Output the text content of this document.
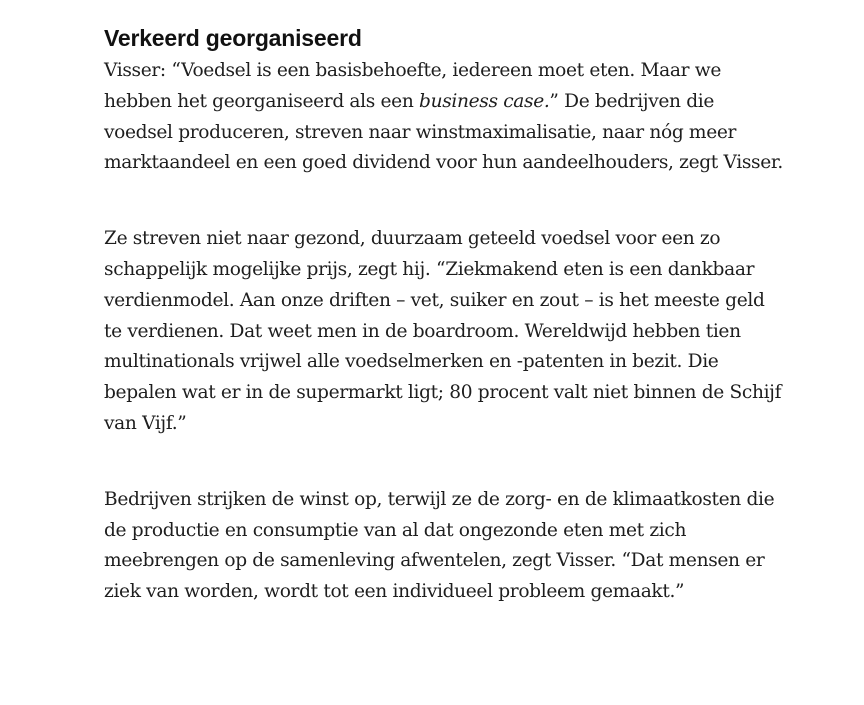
Verkeerd georganiseerd

Visser: “Voedsel is een basisbehoefte, iedereen moet eten. Maar we hebben het georganiseerd als een business case.” De bedrijven die voedsel produceren, streven naar winstmaximalisatie, naar nóg meer marktaandeel en een goed dividend voor hun aandeelhouders, zegt Visser.

Ze streven niet naar gezond, duurzaam geteeld voedsel voor een zo schappelijk mogelijke prijs, zegt hij. “Ziekmakend eten is een dankbaar verdienmodel. Aan onze driften – vet, suiker en zout – is het meeste geld te verdienen. Dat weet men in de boardroom. Wereldwijd hebben tien multinationals vrijwel alle voedselmerken en -patenten in bezit. Die bepalen wat er in de supermarkt ligt; 80 procent valt niet binnen de Schijf van Vijf.”

Bedrijven strijken de winst op, terwijl ze de zorg- en de klimaatkosten die de productie en consumptie van al dat ongezonde eten met zich meebrengen op de samenleving afwentelen, zegt Visser. “Dat mensen er ziek van worden, wordt tot een individueel probleem gemaakt.”
